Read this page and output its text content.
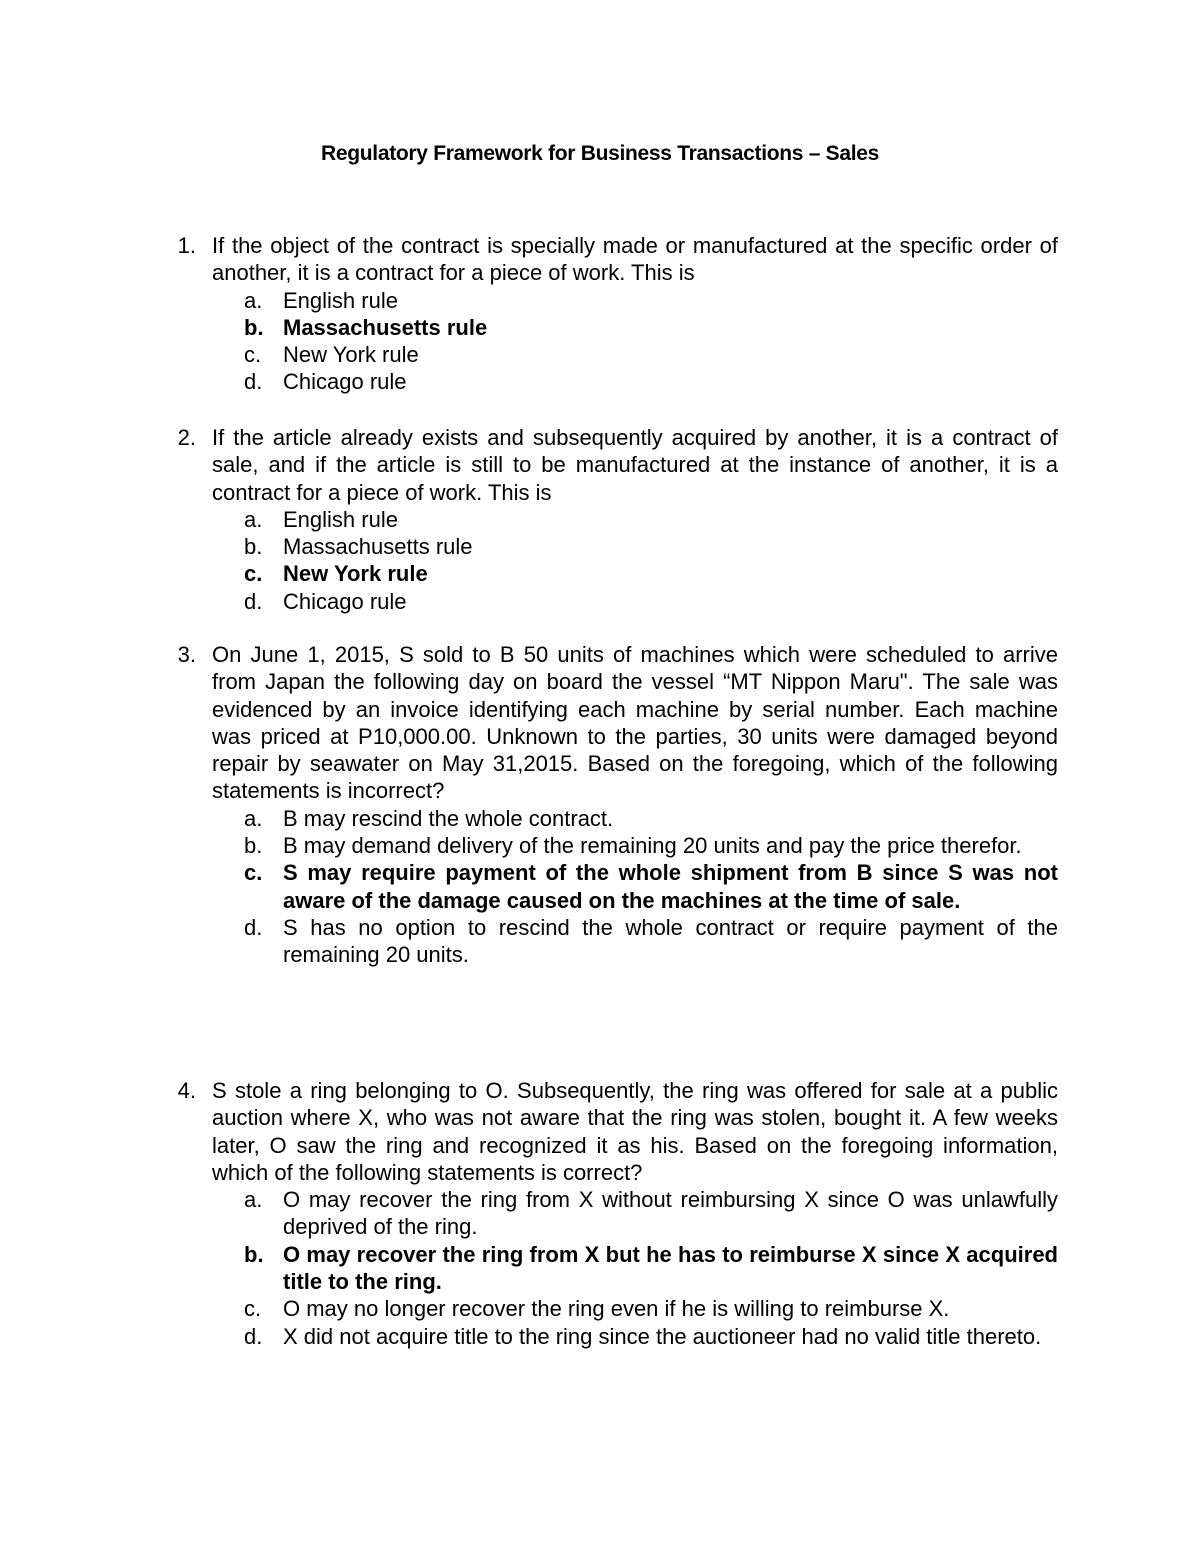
Regulatory Framework for Business Transactions – Sales
1. If the object of the contract is specially made or manufactured at the specific order of another, it is a contract for a piece of work. This is
a. English rule
b. Massachusetts rule
c. New York rule
d. Chicago rule
2. If the article already exists and subsequently acquired by another, it is a contract of sale, and if the article is still to be manufactured at the instance of another, it is a contract for a piece of work. This is
a. English rule
b. Massachusetts rule
c. New York rule
d. Chicago rule
3. On June 1, 2015, S sold to B 50 units of machines which were scheduled to arrive from Japan the following day on board the vessel “MT Nippon Maru". The sale was evidenced by an invoice identifying each machine by serial number. Each machine was priced at P10,000.00. Unknown to the parties, 30 units were damaged beyond repair by seawater on May 31,2015. Based on the foregoing, which of the following statements is incorrect?
a. B may rescind the whole contract.
b. B may demand delivery of the remaining 20 units and pay the price therefor.
c. S may require payment of the whole shipment from B since S was not aware of the damage caused on the machines at the time of sale.
d. S has no option to rescind the whole contract or require payment of the remaining 20 units.
4. S stole a ring belonging to O. Subsequently, the ring was offered for sale at a public auction where X, who was not aware that the ring was stolen, bought it. A few weeks later, O saw the ring and recognized it as his. Based on the foregoing information, which of the following statements is correct?
a. O may recover the ring from X without reimbursing X since O was unlawfully deprived of the ring.
b. O may recover the ring from X but he has to reimburse X since X acquired title to the ring.
c. O may no longer recover the ring even if he is willing to reimburse X.
d. X did not acquire title to the ring since the auctioneer had no valid title thereto.
